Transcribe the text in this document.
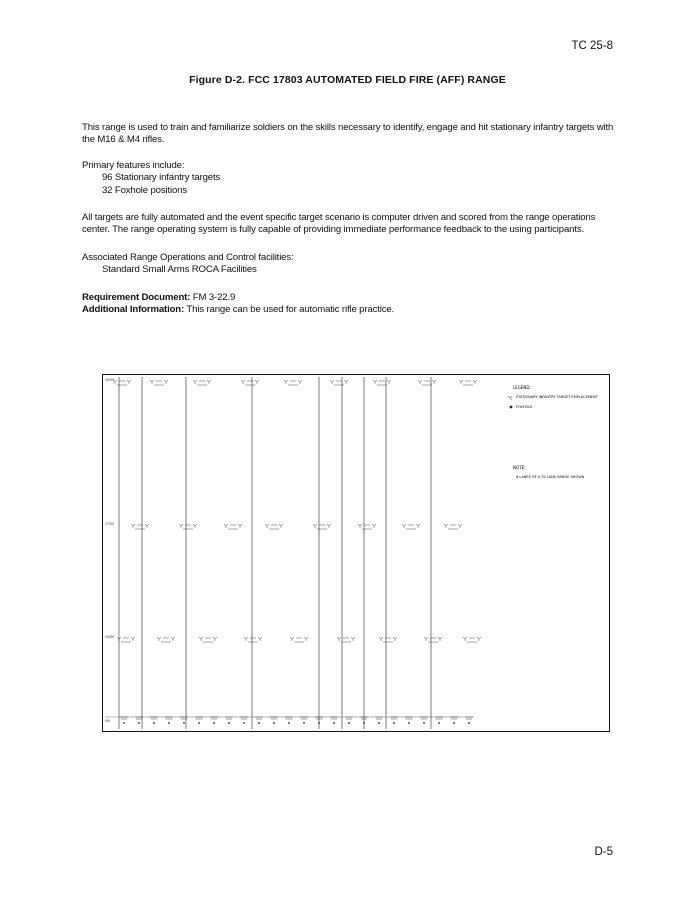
TC 25-8
Figure D-2. FCC 17803 AUTOMATED FIELD FIRE (AFF) RANGE
This range is used to train and familiarize soldiers on the skills necessary to identify, engage and hit stationary infantry targets with the M16 & M4 rifles.
Primary features include:
96 Stationary infantry targets
32 Foxhole positions
All targets are fully automated and the event specific target scenario is computer driven and scored from the range operations center. The range operating system is fully capable of providing immediate performance feedback to the using participants.
Associated Range Operations and Control facilities:
Standard Small Arms ROCA Facilities
Requirement Document: FM 3-22.9
Additional Information: This range can be used for automatic rifle practice.
300M
175M
100M
0M
LEGEND:
STATIONARY INFANTRY TARGET EMPLACEMENT
FOXHOLE
NOTE:
8 LANES OF A 32 LANE RANGE SHOWN
D-5
